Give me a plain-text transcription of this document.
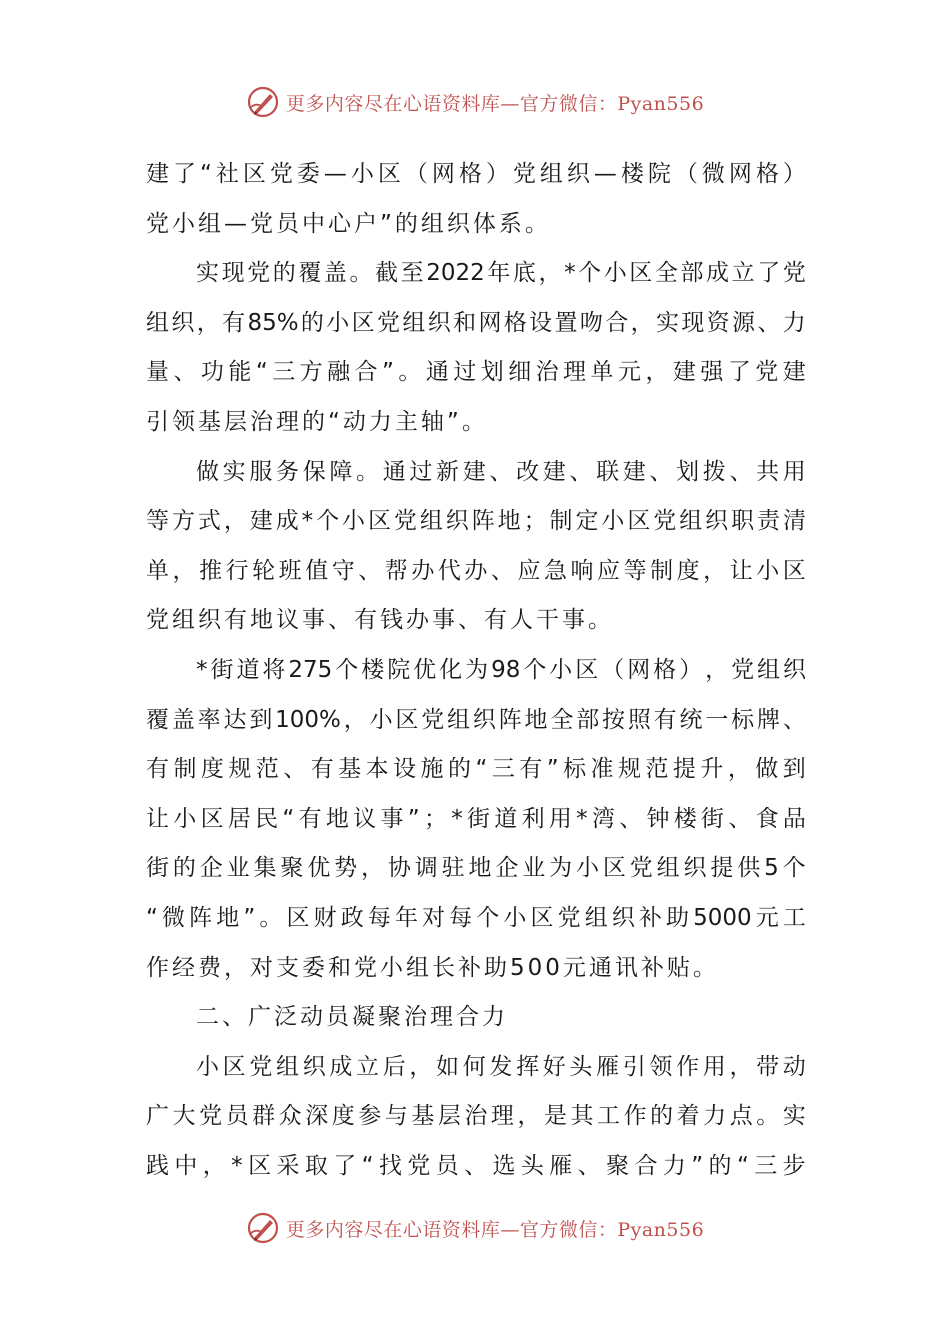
更多内容尽在心语资料库—官方微信：Pyan556
建 了 “ 社 区 党 委 — 小 区 （ 网 格 ） 党 组 织 — 楼 院 （ 微 网 格 ）
党小组—党员中心户”的组织体系。
实 现 党 的 覆 盖 。 截 至 2022 年 底 ， * 个 小 区 全 部 成 立 了 党
组 织 ， 有 85% 的 小 区 党 组 织 和 网 格 设 置 吻 合 ， 实 现 资 源 、 力
量 、 功 能 “ 三 方 融 合 ” 。 通 过 划 细 治 理 单 元 ， 建 强 了 党 建
引领基层治理的“动力主轴”。
做 实 服 务 保 障 。 通 过 新 建 、 改 建 、 联 建 、 划 拨 、 共 用
等 方 式 ， 建 成 * 个 小 区 党 组 织 阵 地 ； 制 定 小 区 党 组 织 职 责 清
单 ， 推 行 轮 班 值 守 、 帮 办 代 办 、 应 急 响 应 等 制 度 ， 让 小 区
党组织有地议事、有钱办事、有人干事。
* 街 道 将 275 个 楼 院 优 化 为 98 个 小 区 （ 网 格 ） ， 党 组 织
覆 盖 率 达 到 100% ， 小 区 党 组 织 阵 地 全 部 按 照 有 统 一 标 牌 、
有 制 度 规 范 、 有 基 本 设 施 的 “ 三 有 ” 标 准 规 范 提 升 ， 做 到
让 小 区 居 民 “ 有 地 议 事 ” ； * 街 道 利 用 * 湾 、 钟 楼 街 、 食 品
街 的 企 业 集 聚 优 势 ， 协 调 驻 地 企 业 为 小 区 党 组 织 提 供 5 个
“ 微 阵 地 ” 。 区 财 政 每 年 对 每 个 小 区 党 组 织 补 助 5000 元 工
作经费，对支委和党小组长补助500元通讯补贴。
二、广泛动员凝聚治理合力
小 区 党 组 织 成 立 后 ， 如 何 发 挥 好 头 雁 引 领 作 用 ， 带 动
广 大 党 员 群 众 深 度 参 与 基 层 治 理 ， 是 其 工 作 的 着 力 点 。 实
践 中 ， * 区 采 取 了 “ 找 党 员 、 选 头 雁 、 聚 合 力 ” 的 “ 三 步
更多内容尽在心语资料库—官方微信：Pyan556
